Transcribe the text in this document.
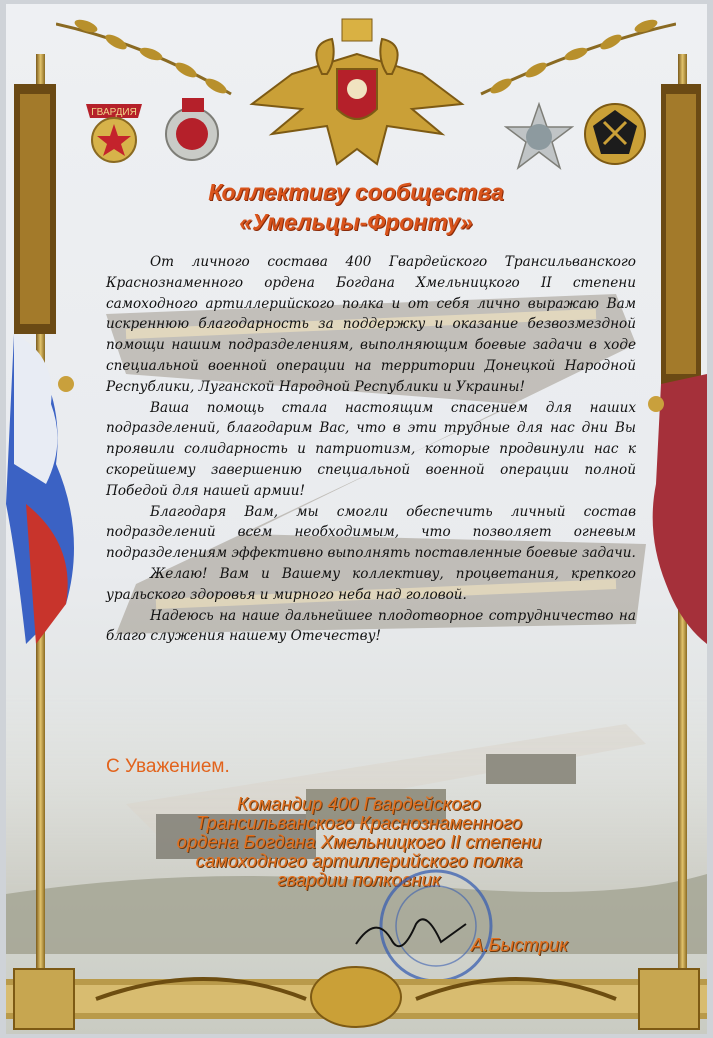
ГВАРДИЯ
Коллективу сообщества
«Умельцы-Фронту»

От личного состава 400 Гвардейского Трансильванского Краснознаменного ордена Богдана Хмельницкого II степени самоходного артиллерийского полка и от себя лично выражаю Вам искреннюю благодарность за поддержку и оказание безвозмездной помощи нашим подразделениям, выполняющим боевые задачи в ходе специальной военной операции на территории Донецкой Народной Республики, Луганской Народной Республики и Украины!

Ваша помощь стала настоящим спасением для наших подразделений, благодарим Вас, что в эти трудные для нас дни Вы проявили солидарность и патриотизм, которые продвинули нас к скорейшему завершению специальной военной операции полной Победой для нашей армии!

Благодаря Вам, мы смогли обеспечить личный состав подразделений всем необходимым, что позволяет огневым подразделениям эффективно выполнять поставленные боевые задачи.

Желаю! Вам и Вашему коллективу, процветания, крепкого уральского здоровья и мирного неба над головой.

Надеюсь на наше дальнейшее плодотворное сотрудничество на благо служения нашему Отечеству!

С Уважением.
Командир 400 Гвардейского
Трансильванского Краснознаменного
ордена Богдана Хмельницкого II степени
самоходного артиллерийского полка
гвардии полковник
А.Быстрик
